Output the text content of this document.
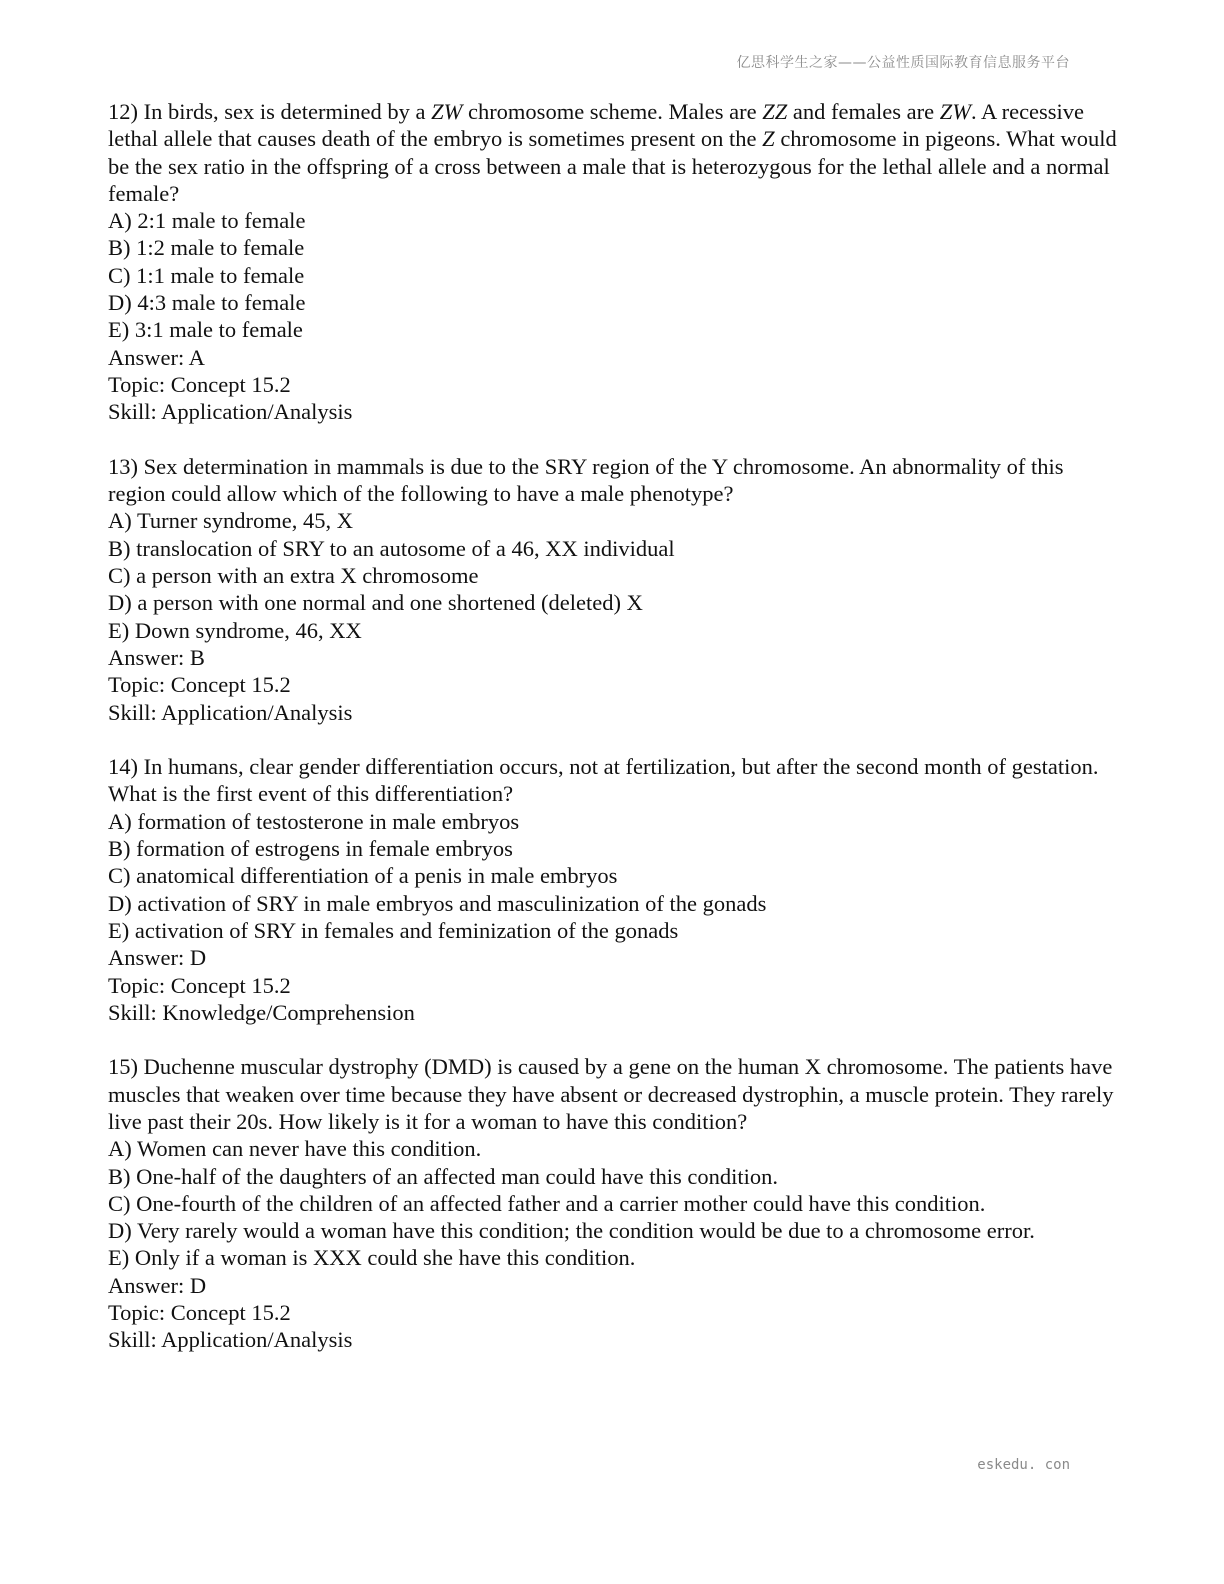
亿思科学生之家——公益性质国际教育信息服务平台

12) In birds, sex is determined by a ZW chromosome scheme. Males are ZZ and females are ZW. A recessive lethal allele that causes death of the embryo is sometimes present on the Z chromosome in pigeons. What would be the sex ratio in the offspring of a cross between a male that is heterozygous for the lethal allele and a normal female?

A) 2:1 male to female
B) 1:2 male to female
C) 1:1 male to female
D) 4:3 male to female
E) 3:1 male to female
Answer: A
Topic: Concept 15.2
Skill: Application/Analysis

13) Sex determination in mammals is due to the SRY region of the Y chromosome. An abnormality of this region could allow which of the following to have a male phenotype?

A) Turner syndrome, 45, X
B) translocation of SRY to an autosome of a 46, XX individual
C) a person with an extra X chromosome
D) a person with one normal and one shortened (deleted) X
E) Down syndrome, 46, XX
Answer: B
Topic: Concept 15.2
Skill: Application/Analysis

14) In humans, clear gender differentiation occurs, not at fertilization, but after the second month of gestation. What is the first event of this differentiation?

A) formation of testosterone in male embryos
B) formation of estrogens in female embryos
C) anatomical differentiation of a penis in male embryos
D) activation of SRY in male embryos and masculinization of the gonads
E) activation of SRY in females and feminization of the gonads
Answer: D
Topic: Concept 15.2
Skill: Knowledge/Comprehension

15) Duchenne muscular dystrophy (DMD) is caused by a gene on the human X chromosome. The patients have muscles that weaken over time because they have absent or decreased dystrophin, a muscle protein. They rarely live past their 20s. How likely is it for a woman to have this condition?

A) Women can never have this condition.
B) One-half of the daughters of an affected man could have this condition.
C) One-fourth of the children of an affected father and a carrier mother could have this condition.
D) Very rarely would a woman have this condition; the condition would be due to a chromosome error.
E) Only if a woman is XXX could she have this condition.
Answer: D
Topic: Concept 15.2
Skill: Application/Analysis
eskedu. con
